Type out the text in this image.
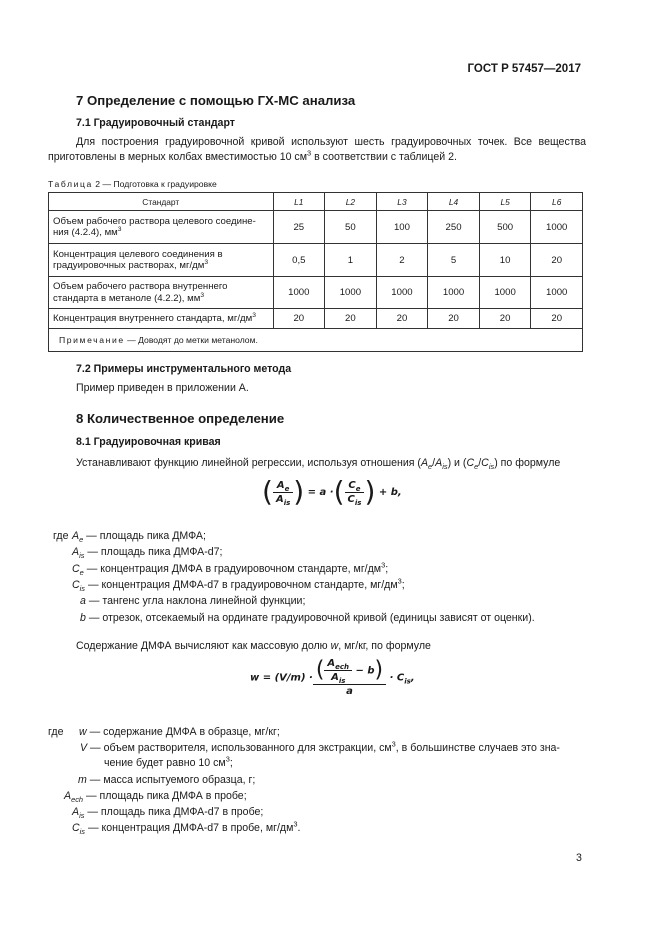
ГОСТ Р 57457—2017
7 Определение с помощью ГХ-МС анализа
7.1 Градуировочный стандарт
Для построения градуировочной кривой используют шесть градуировочных точек. Все вещества приготовлены в мерных колбах вместимостью 10 $см^3$ в соответствии с таблицей 2.
Таблица 2 — Подготовка к градуировке
Стандарт	L1	L2	L3	L4	L5	L6
Объем рабочего раствора целевого соедине-ния (4.2.4), $мм^3$	25	50	100	250	500	1000
Концентрация целевого соединения в градуировочных растворах, $мг/дм^3$	0,5	1	2	5	10	20
Объем рабочего раствора внутреннего стандарта в метаноле (4.2.2), $мм^3$	1000	1000	1000	1000	1000	1000
Концентрация внутреннего стандарта, $мг/дм^3$	20	20	20	20	20	20
Примечание — Доводят до метки метанолом.						
7.2 Примеры инструментального метода
Пример приведен в приложении А.
8 Количественное определение
8.1 Градуировочная кривая
Устанавливают функцию линейной регрессии, используя отношения $(A_e/A_{is})$ и $(C_e/C_{is})$ по формуле
( $\frac{A_e}{A_{is}}$ ) = a ·( $\frac{C_e}{C_{is}}$ ) + b,
где $A_e$ — площадь пика ДМФА;
$A_{is}$ — площадь пика ДМФА-d7;
$C_e$ — концентрация ДМФА в градуировочном стандарте, $мг/дм^3$;
$C_{is}$ — концентрация ДМФА-d7 в градуировочном стандарте, $мг/дм^3$;
a — тангенс угла наклона линейной функции;
b — отрезок, отсекаемый на ординате градуировочной кривой (единицы зависят от оценки).
Содержание ДМФА вычисляют как массовую долю w, мг/кг, по формуле
$w = (V/m) \cdot \frac{( \frac{A_{ech}}{A_{is}} - b)}{a} \cdot C_{is}$,
где w — содержание ДМФА в образце, мг/кг;
V — объем растворителя, использованного для экстракции, $см^3$, в большинстве случаев это зна-
чение будет равно 10 $см^3$;
m — масса испытуемого образца, г;
$A_{ech}$ — площадь пика ДМФА в пробе;
$A_{is}$ — площадь пика ДМФА-d7 в пробе;
$C_{is}$ — концентрация ДМФА-d7 в пробе, $мг/дм^3$.
3
